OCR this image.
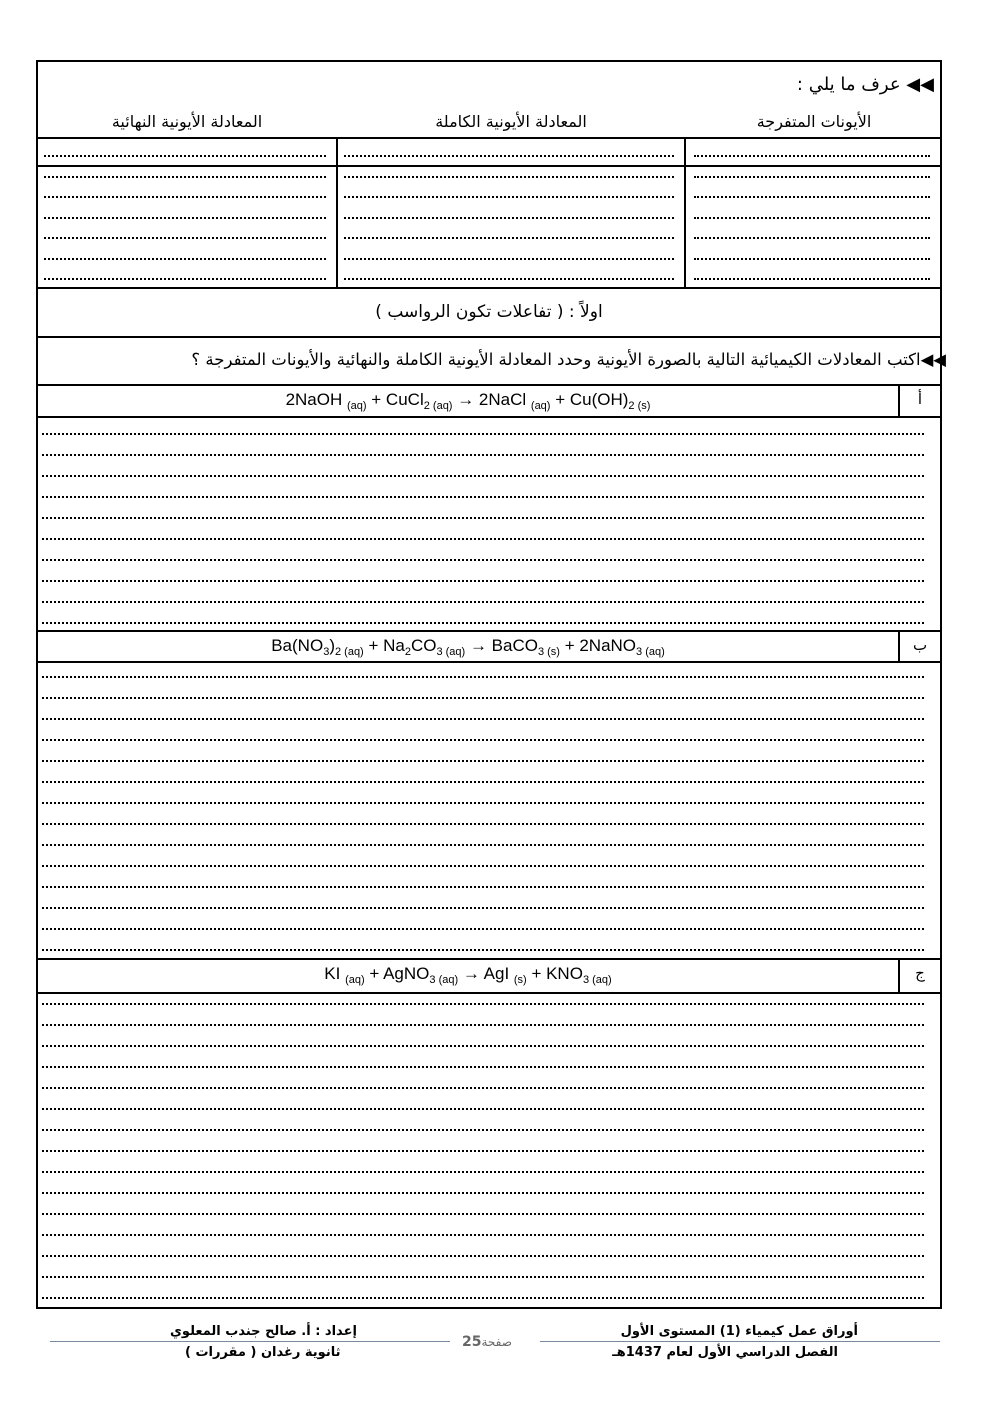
◀◀ عرف ما يلي :
الأيونات المتفرجة
المعادلة الأيونية الكاملة
المعادلة الأيونية النهائية
اولاً : ( تفاعلات تكون الرواسب )
◀◀اكتب المعادلات الكيميائية التالية بالصورة الأيونية وحدد المعادلة الأيونية الكاملة والنهائية والأيونات المتفرجة ؟
أ
2NaOH $_{(aq)}$ + CuCl$_{2 (aq)}$ → 2NaCl $_{(aq)} + Cu(OH)_{2 (s)}$
ب
$Ba(NO_3)_{2 (aq)} + Na_2CO_{3 (aq)}$ → BaCO$_{3 (s)}$ + 2NaNO$_{3 (aq)}$
ج
KI $_{(aq)}$ + AgNO$_{3 (aq)}$ → AgI $_{(s)} + KNO_{3 (aq)}$
أوراق عمل كيمياء (1) المستوى الأول
الفصل الدراسي الأول لعام 1437هـ
إعداد : أ. صالح جندب المعلوي
ثانوية رغدان ( مقررات )
25صفحة
